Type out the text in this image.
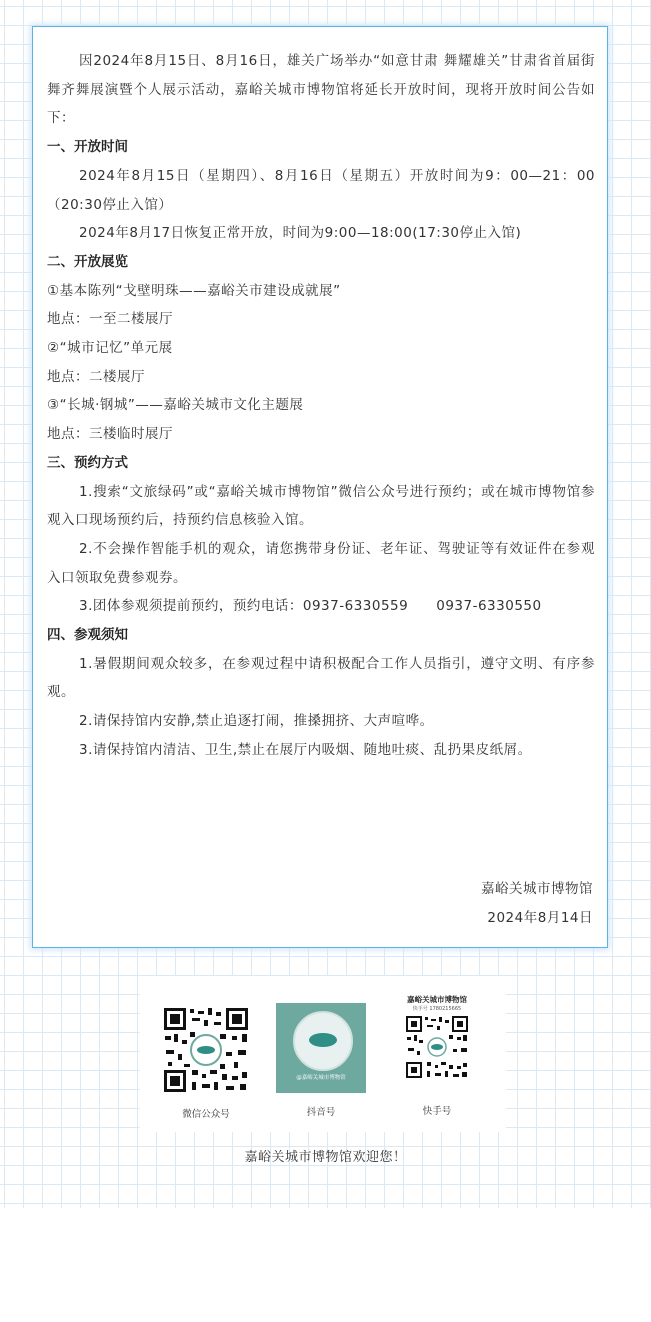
因2024年8月15日、8月16日，雄关广场举办“如意甘肃 舞耀雄关”甘肃省首届街舞齐舞展演暨个人展示活动，嘉峪关城市博物馆将延长开放时间，现将开放时间公告如下：

一、开放时间

2024年8月15日（星期四）、8月16日（星期五）开放时间为9：00—21：00（20:30停止入馆）

2024年8月17日恢复正常开放，时间为9:00—18:00(17:30停止入馆)

二、开放展览

①基本陈列“戈壁明珠——嘉峪关市建设成就展”

地点：一至二楼展厅

②“城市记忆”单元展

地点：二楼展厅

③“长城·钢城”——嘉峪关城市文化主题展

地点：三楼临时展厅

三、预约方式

1.搜索“文旅绿码”或“嘉峪关城市博物馆”微信公众号进行预约；或在城市博物馆参观入口现场预约后，持预约信息核验入馆。

2.不会操作智能手机的观众，请您携带身份证、老年证、驾驶证等有效证件在参观入口领取免费参观券。

3.团体参观须提前预约，预约电话：0937-6330559　　0937-6330550

四、参观须知

1.暑假期间观众较多，在参观过程中请积极配合工作人员指引，遵守文明、有序参观。

2.请保持馆内安静,禁止追逐打闹，推搡拥挤、大声喧哗。

3.请保持馆内清洁、卫生,禁止在展厅内吸烟、随地吐痰、乱扔果皮纸屑。

嘉峪关城市博物馆
2024年8月14日
微信公众号
@嘉峪关城市博物馆
抖音号
嘉峪关城市博物馆
快手号 1780215665
快手号
嘉峪关城市博物馆欢迎您！
